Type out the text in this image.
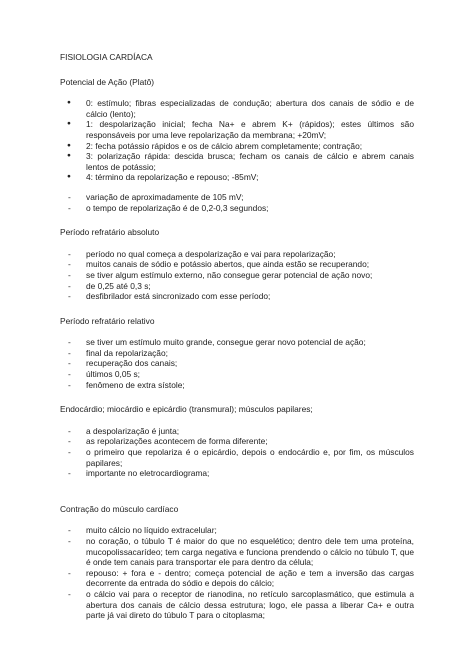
FISIOLOGIA CARDÍACA
Potencial de Ação (Platô)
● 0: estímulo; fibras especializadas de condução; abertura dos canais de sódio e de cálcio (lento);
● 1: despolarização inicial; fecha Na+ e abrem K+ (rápidos); estes últimos são responsáveis por uma leve repolarização da membrana; +20mV;
● 2: fecha potássio rápidos e os de cálcio abrem completamente; contração;
● 3: polarização rápida: descida brusca; fecham os canais de cálcio e abrem canais lentos de potássio;
● 4: término da repolarização e repouso; -85mV;
- variação de aproximadamente de 105 mV;
- o tempo de repolarização é de 0,2-0,3 segundos;
Período refratário absoluto
- período no qual começa a despolarização e vai para repolarização;
- muitos canais de sódio e potássio abertos, que ainda estão se recuperando;
- se tiver algum estímulo externo, não consegue gerar potencial de ação novo;
- de 0,25 até 0,3 s;
- desfibrilador está sincronizado com esse período;
Período refratário relativo
- se tiver um estímulo muito grande, consegue gerar novo potencial de ação;
- final da repolarização;
- recuperação dos canais;
- últimos 0,05 s;
- fenômeno de extra sístole;
Endocárdio; miocárdio e epicárdio (transmural); músculos papilares;
- a despolarização é junta;
- as repolarizações acontecem de forma diferente;
- o primeiro que repolariza é o epicárdio, depois o endocárdio e, por fim, os músculos papilares;
- importante no eletrocardiograma;
Contração do músculo cardíaco
- muito cálcio no líquido extracelular;
- no coração, o túbulo T é maior do que no esquelético; dentro dele tem uma proteína, mucopolissacarídeo; tem carga negativa e funciona prendendo o cálcio no túbulo T, que é onde tem canais para transportar ele para dentro da célula;
- repouso: + fora e - dentro; começa potencial de ação e tem a inversão das cargas decorrente da entrada do sódio e depois do cálcio;
- o cálcio vai para o receptor de rianodina, no retículo sarcoplasmático, que estimula a abertura dos canais de cálcio dessa estrutura; logo, ele passa a liberar Ca+ e outra parte já vai direto do túbulo T para o citoplasma;
